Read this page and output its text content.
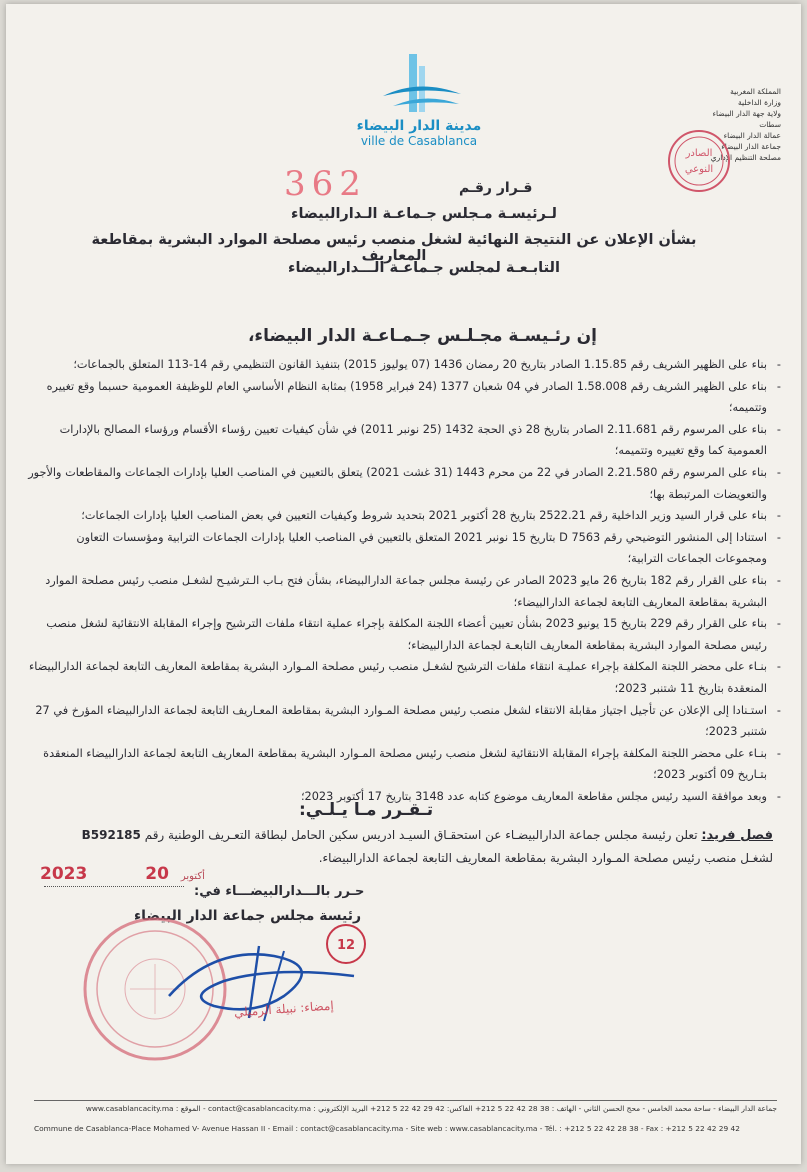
مدينة الدار البيضاء
ville de Casablanca
المملكة المغربية
وزارة الداخلية
ولاية جهة الدار البيضاء سطات
عمالة الدار البيضاء
جماعة الدار البيضاء
مصلحة التنظيم الإداري
الصادر
النوعي
362	قـرار رقـم
لـرئيسـة مـجلس جـماعـة الـدارالبيضاء
بشأن الإعلان عن النتيجة النهائية لشغل منصب رئيس مصلحة الموارد البشرية بمقاطعة المعاريف
التابـعـة لمجلس جـماعـة الـــدارالبيضاء
إن رئـيسـة مجـلـس جـمـاعـة الدار البيضاء،

- بناء على الظهير الشريف رقم 1.15.85 الصادر بتاريخ 20 رمضان 1436 (07 يوليوز 2015) بتنفيذ القانون التنظيمي رقم 14-113 المتعلق بالجماعات؛

- بناء على الظهير الشريف رقم 1.58.008 الصادر في 04 شعبان 1377 (24 فبراير 1958) بمثابة النظام الأساسي العام للوظيفة العمومية حسبما وقع تغييره وتتميمه؛

- بناء على المرسوم رقم 2.11.681 الصادر بتاريخ 28 ذي الحجة 1432 (25 نونبر 2011) في شأن كيفيات تعيين رؤساء الأقسام ورؤساء المصالح بالإدارات العمومية كما وقع تغييره وتتميمه؛

- بناء على المرسوم رقم 2.21.580 الصادر في 22 من محرم 1443 (31 غشت 2021) يتعلق بالتعيين في المناصب العليا بإدارات الجماعات والمقاطعات والأجور والتعويضات المرتبطة بها؛

- بناء على قرار السيد وزير الداخلية رقم 2522.21 بتاريخ 28 أكتوبر 2021 بتحديد شروط وكيفيات التعيين في بعض المناصب العليا بإدارات الجماعات؛

- استنادا إلى المنشور التوضيحي رقم D 7563 بتاريخ 15 نونبر 2021 المتعلق بالتعيين في المناصب العليا بإدارات الجماعات الترابية ومؤسسات التعاون ومجموعات الجماعات الترابية؛

- بناء على القرار رقم 182 بتاريخ 26 مايو 2023 الصادر عن رئيسة مجلس جماعة الدارالبيضاء، بشأن فتح بـاب الـترشيـح لشغـل منصب رئيس مصلحة الموارد البشرية بمقاطعة المعاريف التابعة لجماعة الدارالبيضاء؛

- بناء على القرار رقم 229 بتاريخ 15 يونيو 2023 بشأن تعيين أعضاء اللجنة المكلفة بإجراء عملية انتقاء ملفات الترشيح وإجراء المقابلة الانتقائية لشغل منصب رئيس مصلحة الموارد البشرية بمقاطعة المعاريف التابعـة لجماعة الدارالبيضاء؛

- بنـاء على محضر اللجنة المكلفة بإجراء عمليـة انتقاء ملفات الترشيح لشغـل منصب رئيس مصلحة المـوارد البشرية بمقاطعة المعاريف التابعة لجماعة الدارالبيضاء المنعقدة بتاريخ 11 شتنبر 2023؛

- استـنادا إلى الإعلان عن تأجيل اجتياز مقابلة الانتقاء لشغل منصب رئيس مصلحة المـوارد البشرية بمقاطعة المعـاريف التابعة لجماعة الدارالبيضاء المؤرخ في 27 شتنبر 2023؛

- بنـاء على محضر اللجنة المكلفة بإجراء المقابلة الانتقائية لشغل منصب رئيس مصلحة المـوارد البشرية بمقاطعة المعاريف التابعة لجماعة الدارالبيضاء المنعقدة بتـاريخ 09 أكتوبر 2023؛

- وبعد موافقة السيد رئيس مجلس مقاطعة المعاريف موضوع كتابه عدد 3148 بتاريخ 17 أكتوبر 2023؛

تـقـرر مـا يـلـي:
فصل فريد: تعلن رئيسة مجلس جماعة الدارالبيضـاء عن استحقـاق السيـد ادريس سكين الحامل لبطاقة التعـريف الوطنية رقم B592185
لشغـل منصب رئيس مصلحة المـوارد البشرية بمقاطعة المعاريف التابعة لجماعة الدارالبيضاء.
2023	أكتوبر 20
حـرر بالـــدارالبيضـــاء في:
رئيسة مجلس جماعة الدار البيضاء
12
إمضاء: نبيلة الرميلي
جماعة الدار البيضاء - ساحة محمد الخامس - محج الحسن الثاني - الهاتف : 38 28 42 22 5 212+ الفاكس: 42 29 42 22 5 212+ البريد الإلكتروني : contact@casablancacity.ma - الموقع : www.casablancacity.ma
Commune de Casablanca-Place Mohamed V- Avenue Hassan II - Email : contact@casablancacity.ma - Site web : www.casablancacity.ma - Tél. : +212 5 22 42 28 38 - Fax : +212 5 22 42 29 42
